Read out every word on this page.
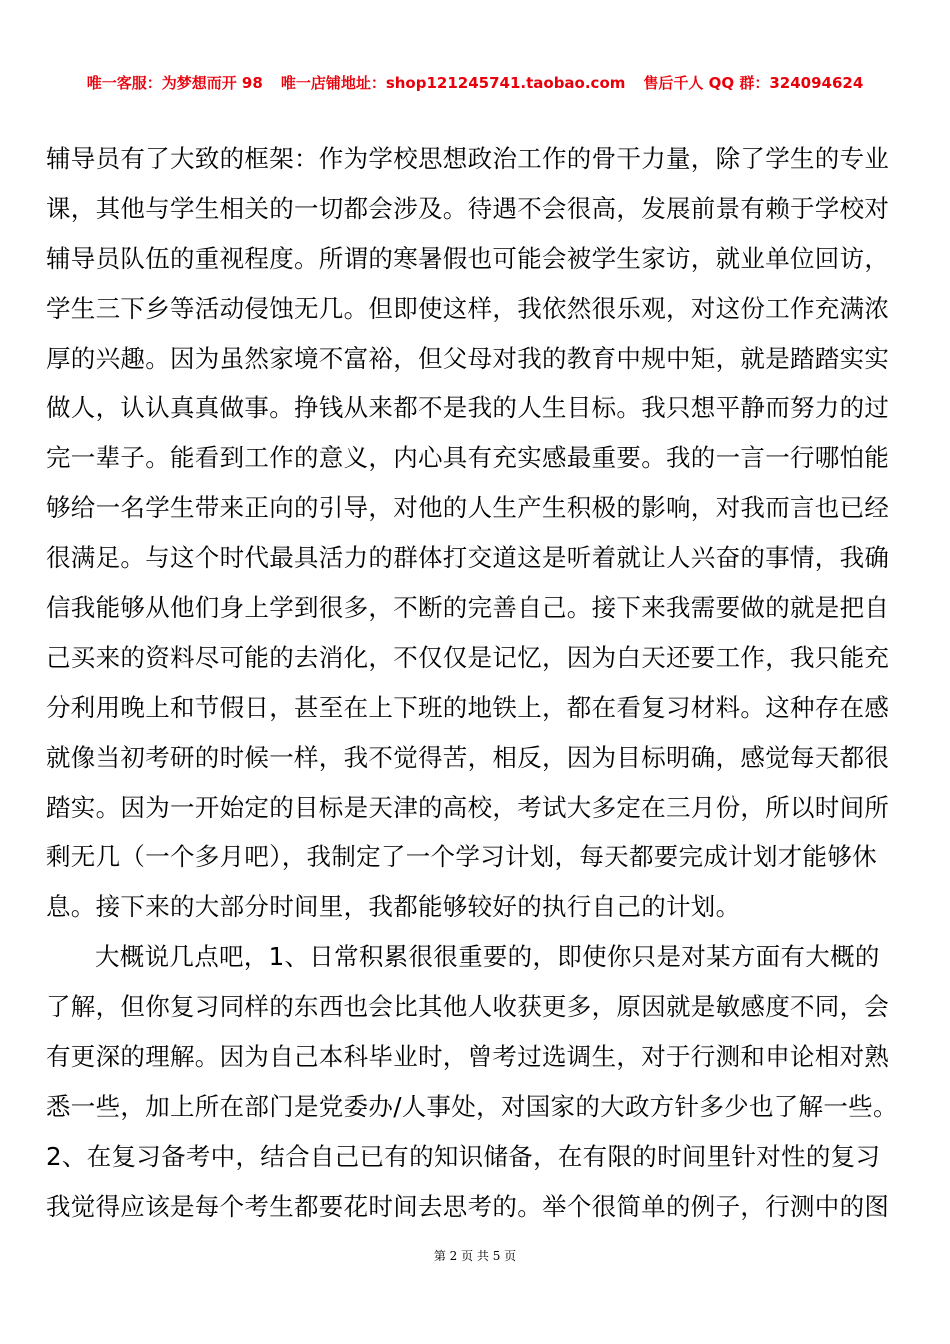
唯一客服：为梦想而开 98 唯一店铺地址：shop121245741.taobao.com 售后千人 QQ 群：324094624
辅导员有了大致的框架：作为学校思想政治工作的骨干力量，除了学生的专业
课，其他与学生相关的一切都会涉及。待遇不会很高，发展前景有赖于学校对
辅导员队伍的重视程度。所谓的寒暑假也可能会被学生家访，就业单位回访，
学生三下乡等活动侵蚀无几。但即使这样，我依然很乐观，对这份工作充满浓
厚的兴趣。因为虽然家境不富裕，但父母对我的教育中规中矩，就是踏踏实实
做人，认认真真做事。挣钱从来都不是我的人生目标。我只想平静而努力的过
完一辈子。能看到工作的意义，内心具有充实感最重要。我的一言一行哪怕能
够给一名学生带来正向的引导，对他的人生产生积极的影响，对我而言也已经
很满足。与这个时代最具活力的群体打交道这是听着就让人兴奋的事情，我确
信我能够从他们身上学到很多，不断的完善自己。接下来我需要做的就是把自
己买来的资料尽可能的去消化，不仅仅是记忆，因为白天还要工作，我只能充
分利用晚上和节假日，甚至在上下班的地铁上，都在看复习材料。这种存在感
就像当初考研的时候一样，我不觉得苦，相反，因为目标明确，感觉每天都很
踏实。因为一开始定的目标是天津的高校，考试大多定在三月份，所以时间所
剩无几（一个多月吧），我制定了一个学习计划，每天都要完成计划才能够休
息。接下来的大部分时间里，我都能够较好的执行自己的计划。
大概说几点吧，1、日常积累很很重要的，即使你只是对某方面有大概的
了解，但你复习同样的东西也会比其他人收获更多，原因就是敏感度不同，会
有更深的理解。因为自己本科毕业时，曾考过选调生，对于行测和申论相对熟
悉一些，加上所在部门是党委办/人事处，对国家的大政方针多少也了解一些。
2、在复习备考中，结合自己已有的知识储备，在有限的时间里针对性的复习
我觉得应该是每个考生都要花时间去思考的。举个很简单的例子，行测中的图
第 2 页 共 5 页
